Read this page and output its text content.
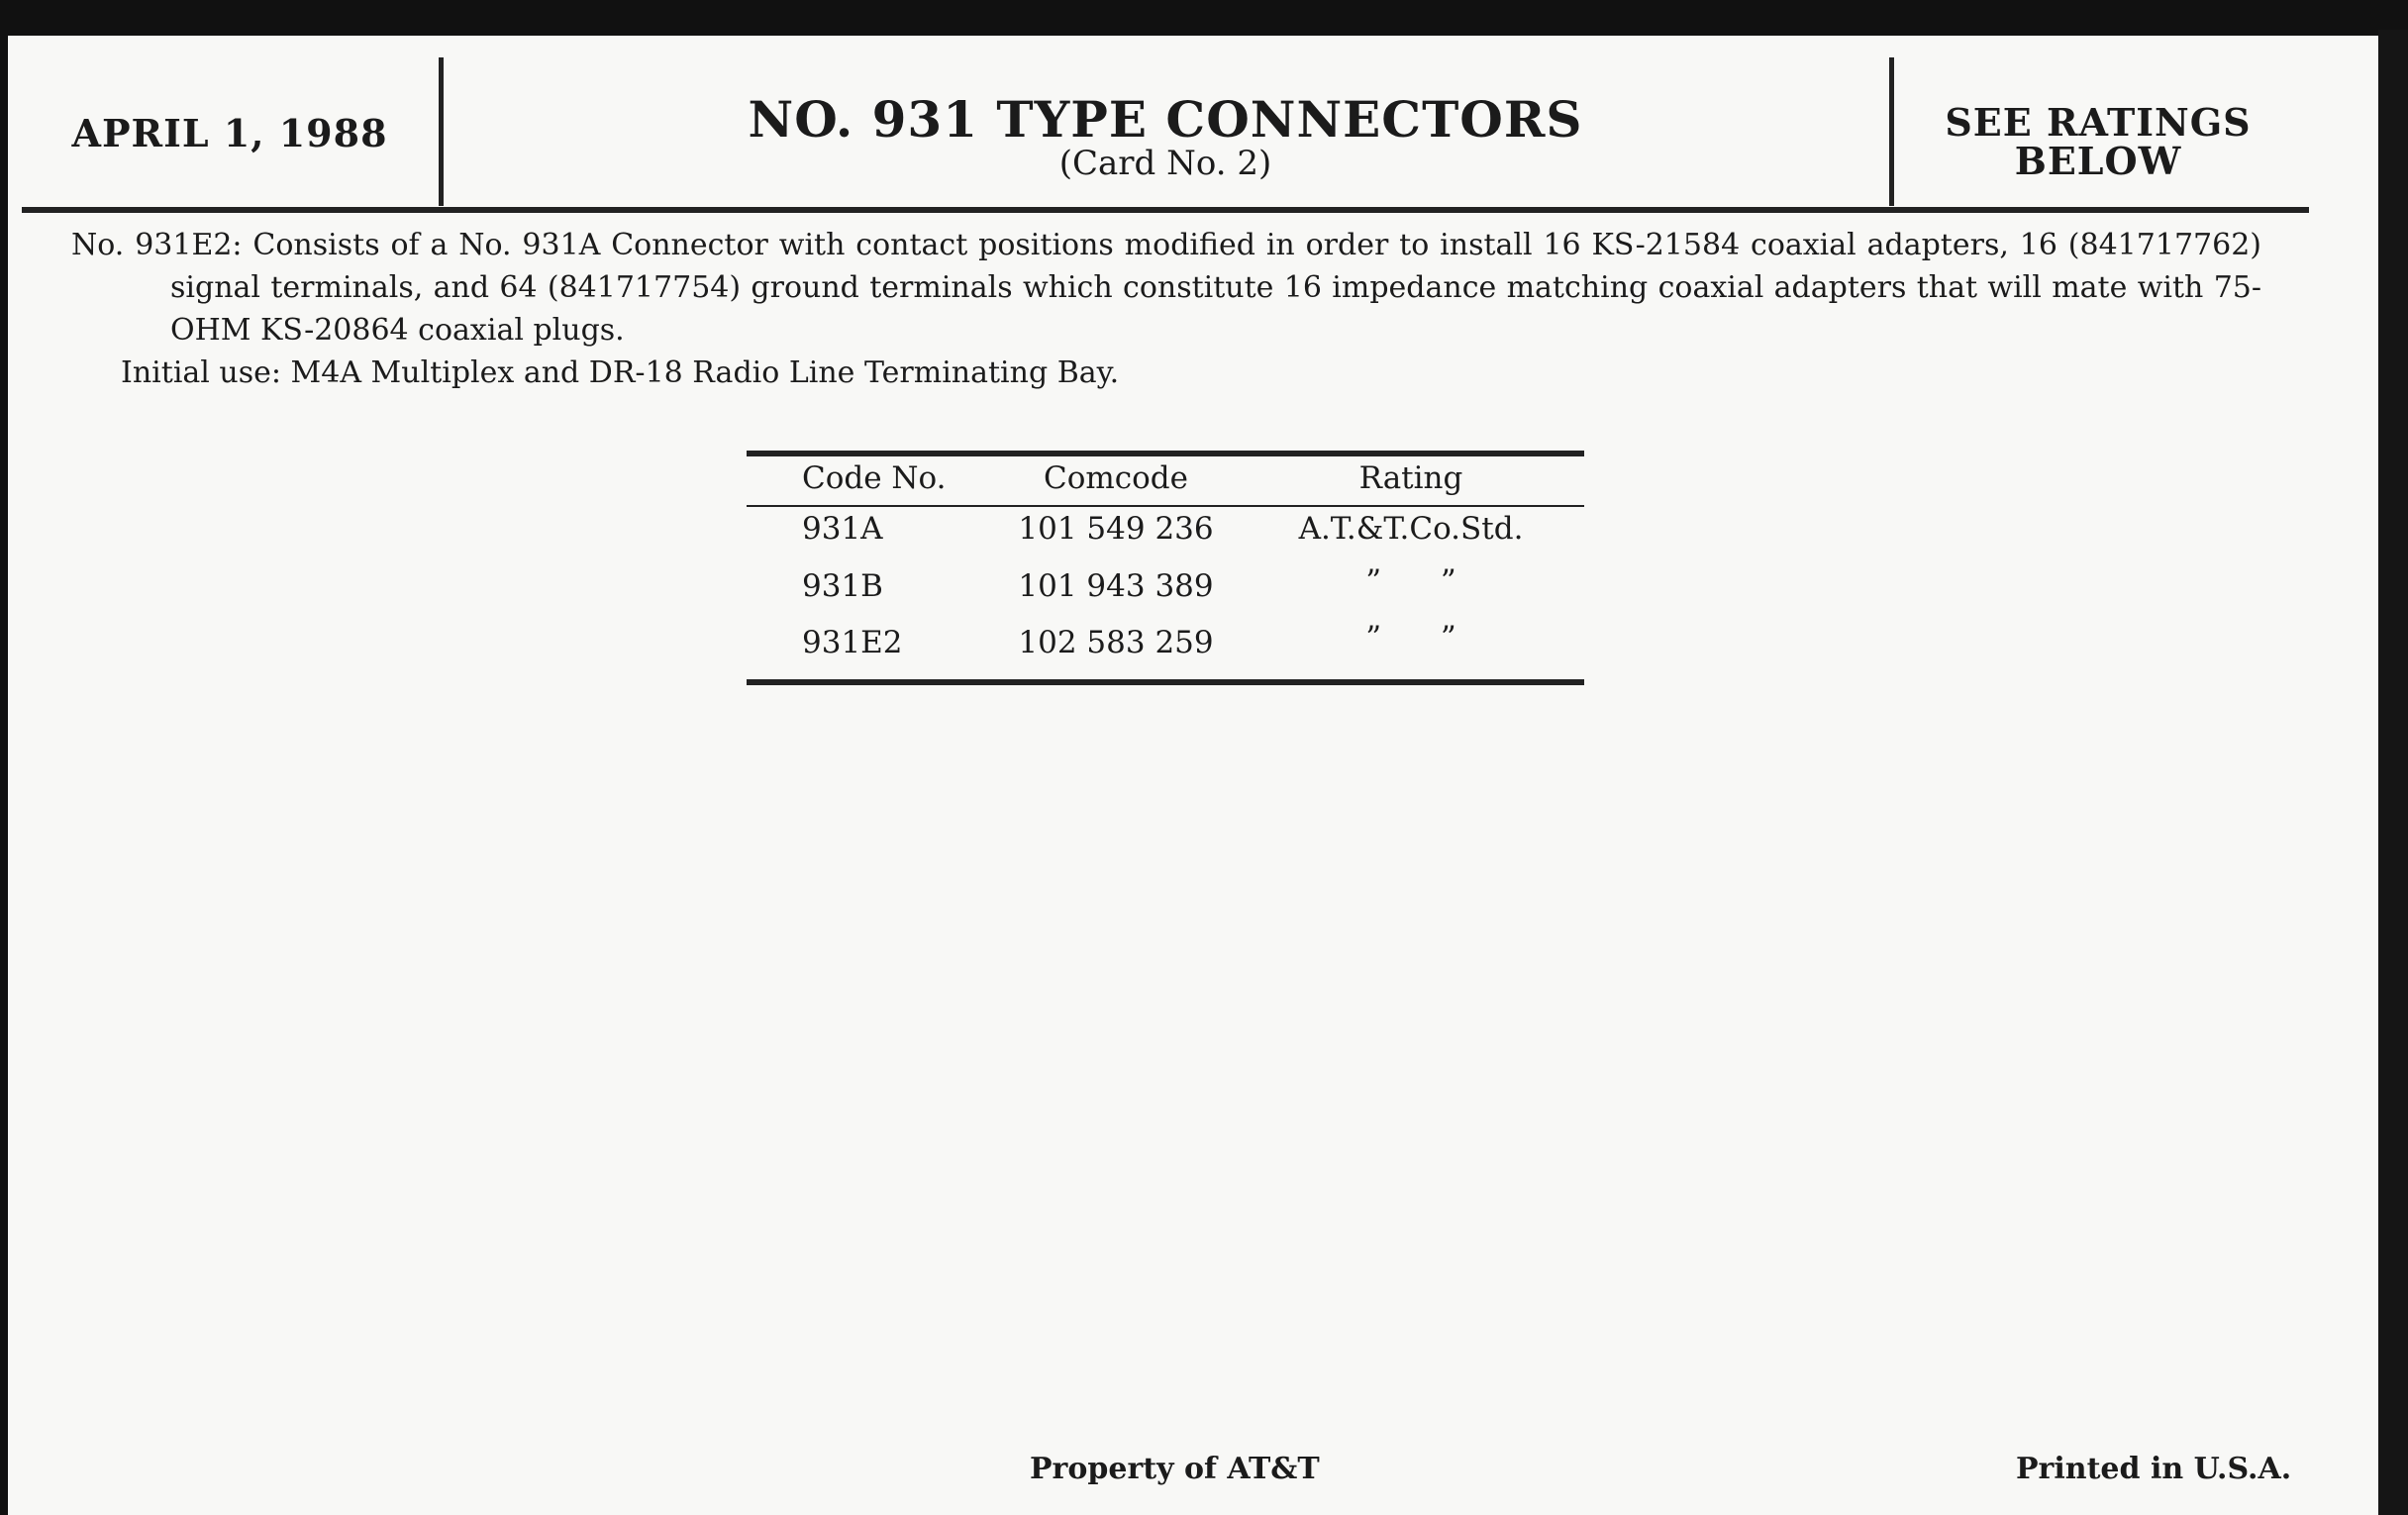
APRIL 1, 1988	NO. 931 TYPE CONNECTORS
(Card No. 2)
SEE RATINGS
BELOW

No. 931E2: Consists of a No. 931A Connector with contact positions modified in order to install 16 KS-21584 coaxial adapters, 16 (841717762) signal terminals, and 64 (841717754) ground terminals which constitute 16 impedance matching coaxial adapters that will mate with 75-OHM KS-20864 coaxial plugs.

Initial use: M4A Multiplex and DR-18 Radio Line Terminating Bay.

Code No.	Comcode	Rating
931A	101 549 236	A.T.&T.Co.Std.
931B	101 943 389	” ”
931E2	102 583 259	” ”
Property of AT&T	Printed in U.S.A.
